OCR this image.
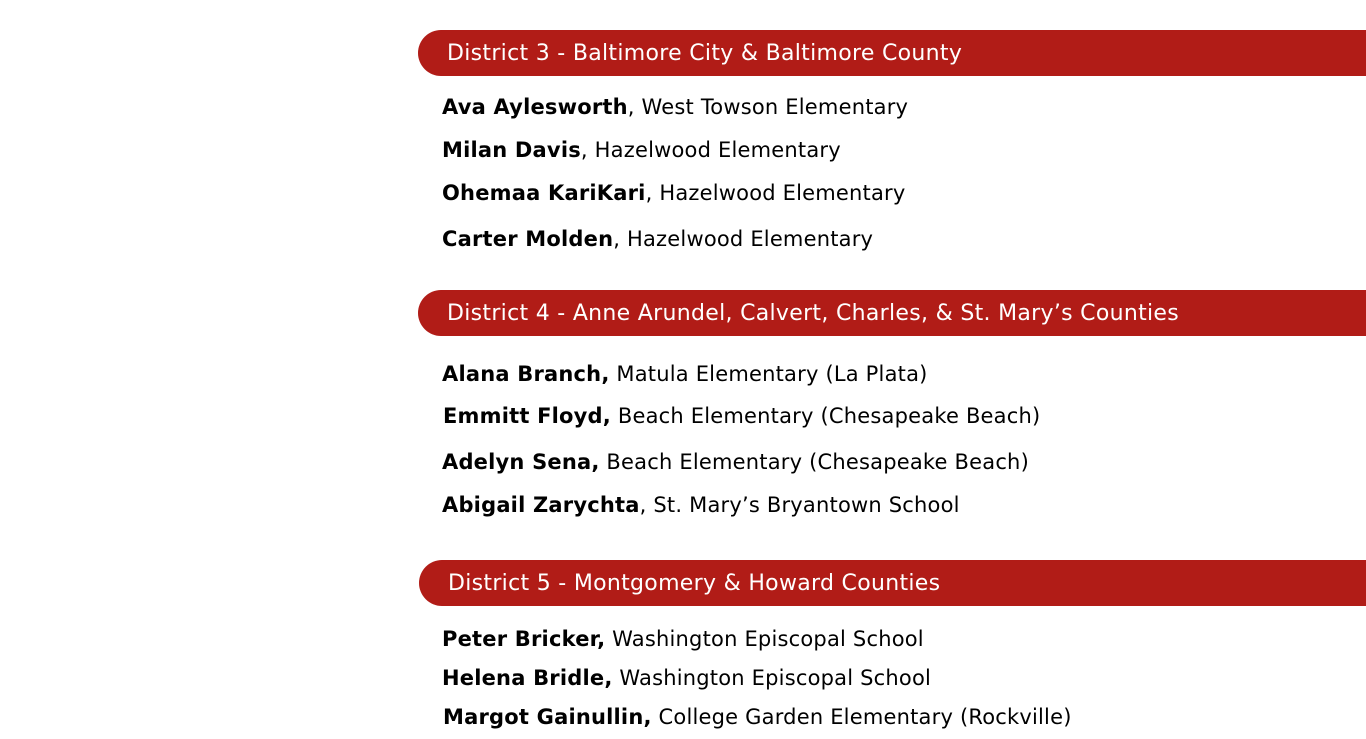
District 3 - Baltimore City & Baltimore County
Ava Aylesworth, West Towson Elementary
Milan Davis, Hazelwood Elementary
Ohemaa KariKari, Hazelwood Elementary
Carter Molden, Hazelwood Elementary
District 4 - Anne Arundel, Calvert, Charles, & St. Mary’s Counties
Alana Branch, Matula Elementary (La Plata)
Emmitt Floyd, Beach Elementary (Chesapeake Beach)
Adelyn Sena, Beach Elementary (Chesapeake Beach)
Abigail Zarychta, St. Mary’s Bryantown School
District 5 - Montgomery & Howard Counties
Peter Bricker, Washington Episcopal School
Helena Bridle, Washington Episcopal School
Margot Gainullin, College Garden Elementary (Rockville)
